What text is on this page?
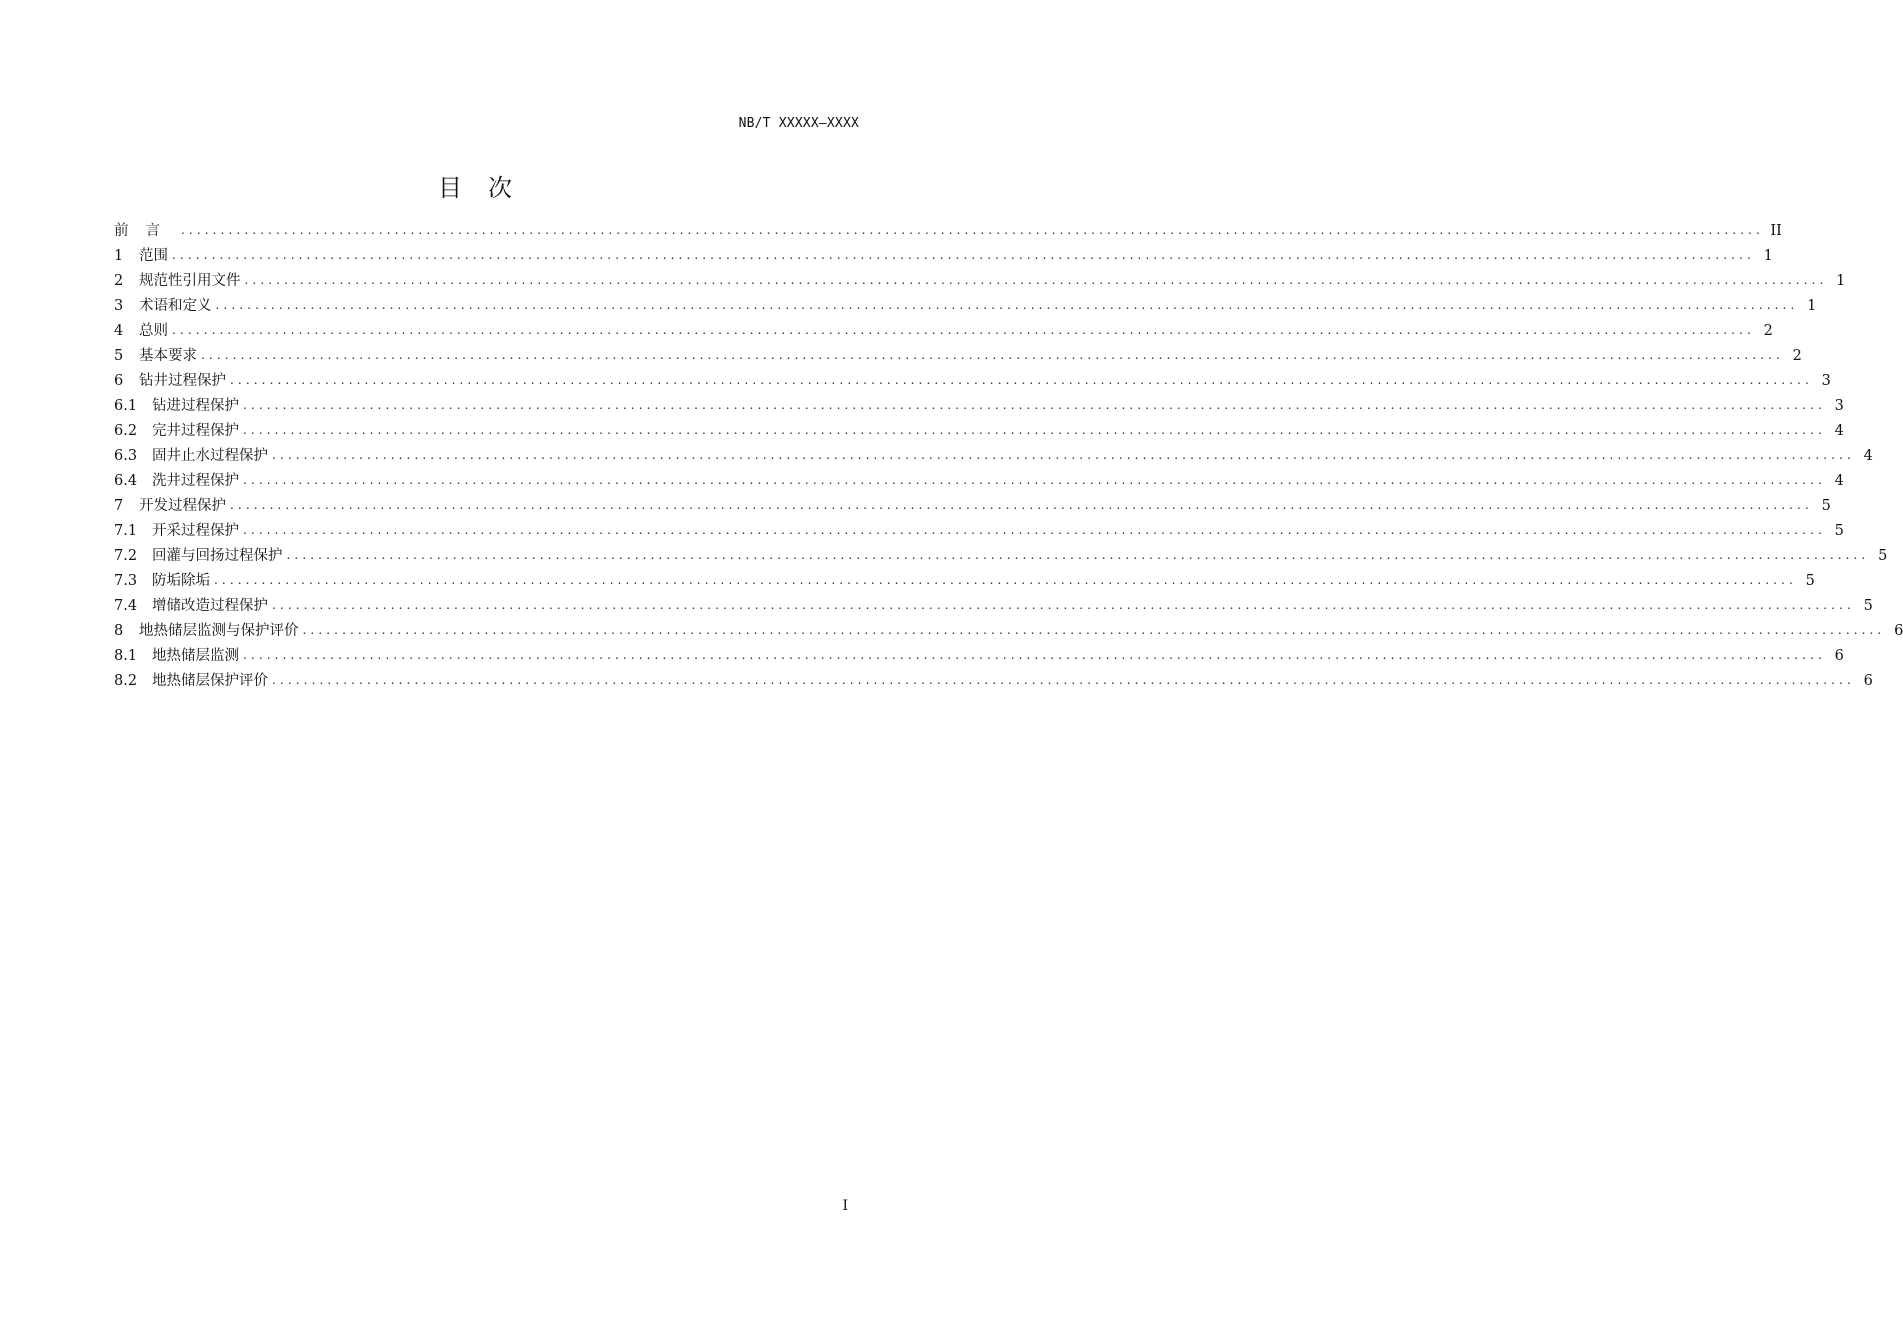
NB/T XXXXX—XXXX
目次
前言 ........................................................................................................................................................................................................ II
1	范围 ........................................................................................................................................................................................................ 1
2	规范性引用文件 ........................................................................................................................................................................................................ 1
3	术语和定义 ........................................................................................................................................................................................................ 1
4	总则 ........................................................................................................................................................................................................ 2
5	基本要求 ........................................................................................................................................................................................................ 2
6	钻井过程保护 ........................................................................................................................................................................................................ 3
6.1	钻进过程保护 ........................................................................................................................................................................................................ 3
6.2	完井过程保护 ........................................................................................................................................................................................................ 4
6.3	固井止水过程保护 ........................................................................................................................................................................................................ 4
6.4	洗井过程保护 ........................................................................................................................................................................................................ 4
7	开发过程保护 ........................................................................................................................................................................................................ 5
7.1	开采过程保护 ........................................................................................................................................................................................................ 5
7.2	回灌与回扬过程保护 ........................................................................................................................................................................................................ 5
7.3	防垢除垢 ........................................................................................................................................................................................................ 5
7.4	增储改造过程保护 ........................................................................................................................................................................................................ 5
8	地热储层监测与保护评价 ........................................................................................................................................................................................................ 6
8.1	地热储层监测 ........................................................................................................................................................................................................ 6
8.2	地热储层保护评价 ........................................................................................................................................................................................................ 6
I
